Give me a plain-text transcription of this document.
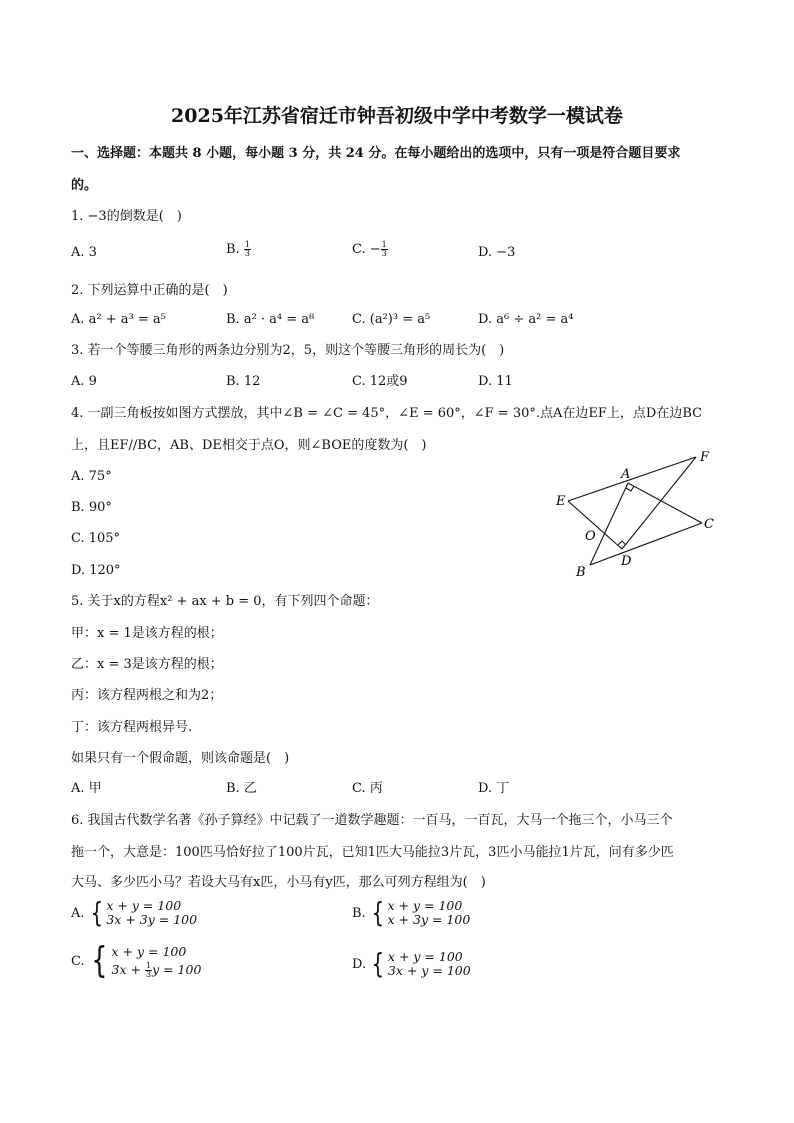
2025年江苏省宿迁市钟吾初级中学中考数学一模试卷
一、选择题：本题共 8 小题，每小题 3 分，共 24 分。在每小题给出的选项中，只有一项是符合题目要求
的。
1. −3的倒数是(　)
A. 3	B. $\frac{1}{3}$	C. − $\frac{1}{3}$	D. −3
2. 下列运算中正确的是(　)
A. a² + a³ = a⁵	B. a² · a⁴ = a⁸	C. (a²)³ = a⁵	D. a⁶ ÷ a² = a⁴
3. 若一个等腰三角形的两条边分别为2，5，则这个等腰三角形的周长为(　)
A. 9	B. 12	C. 12或9	D. 11
4. 一副三角板按如图方式摆放，其中∠B = ∠C = 45°，∠E = 60°，∠F = 30°.点A在边EF上，点D在边BC
上，且EF//BC，AB、DE相交于点O，则∠BOE的度数为(　)
A. 75°
B. 90°
C. 105°
D. 120°
A
B
C
D
E
F
O
5. 关于x的方程x² + ax + b = 0，有下列四个命题：
甲：x = 1是该方程的根；
乙：x = 3是该方程的根；
丙：该方程两根之和为2；
丁：该方程两根异号.
如果只有一个假命题，则该命题是(　)
A. 甲	B. 乙	C. 丙	D. 丁
6. 我国古代数学名著《孙子算经》中记载了一道数学趣题：一百马，一百瓦，大马一个拖三个，小马三个
拖一个，大意是：100匹马恰好拉了100片瓦，已知1匹大马能拉3片瓦，3匹小马能拉1片瓦，问有多少匹
大马、多少匹小马？若设大马有x匹，小马有y匹，那么可列方程组为(　)
A. { x + y = 100
3x + 3y = 100	B. { x + y = 100
x + 3y = 100
C. { x + y = 100
$3x + \frac{1}{3}$ y = 100	D. { x + y = 100
3x + y = 100
